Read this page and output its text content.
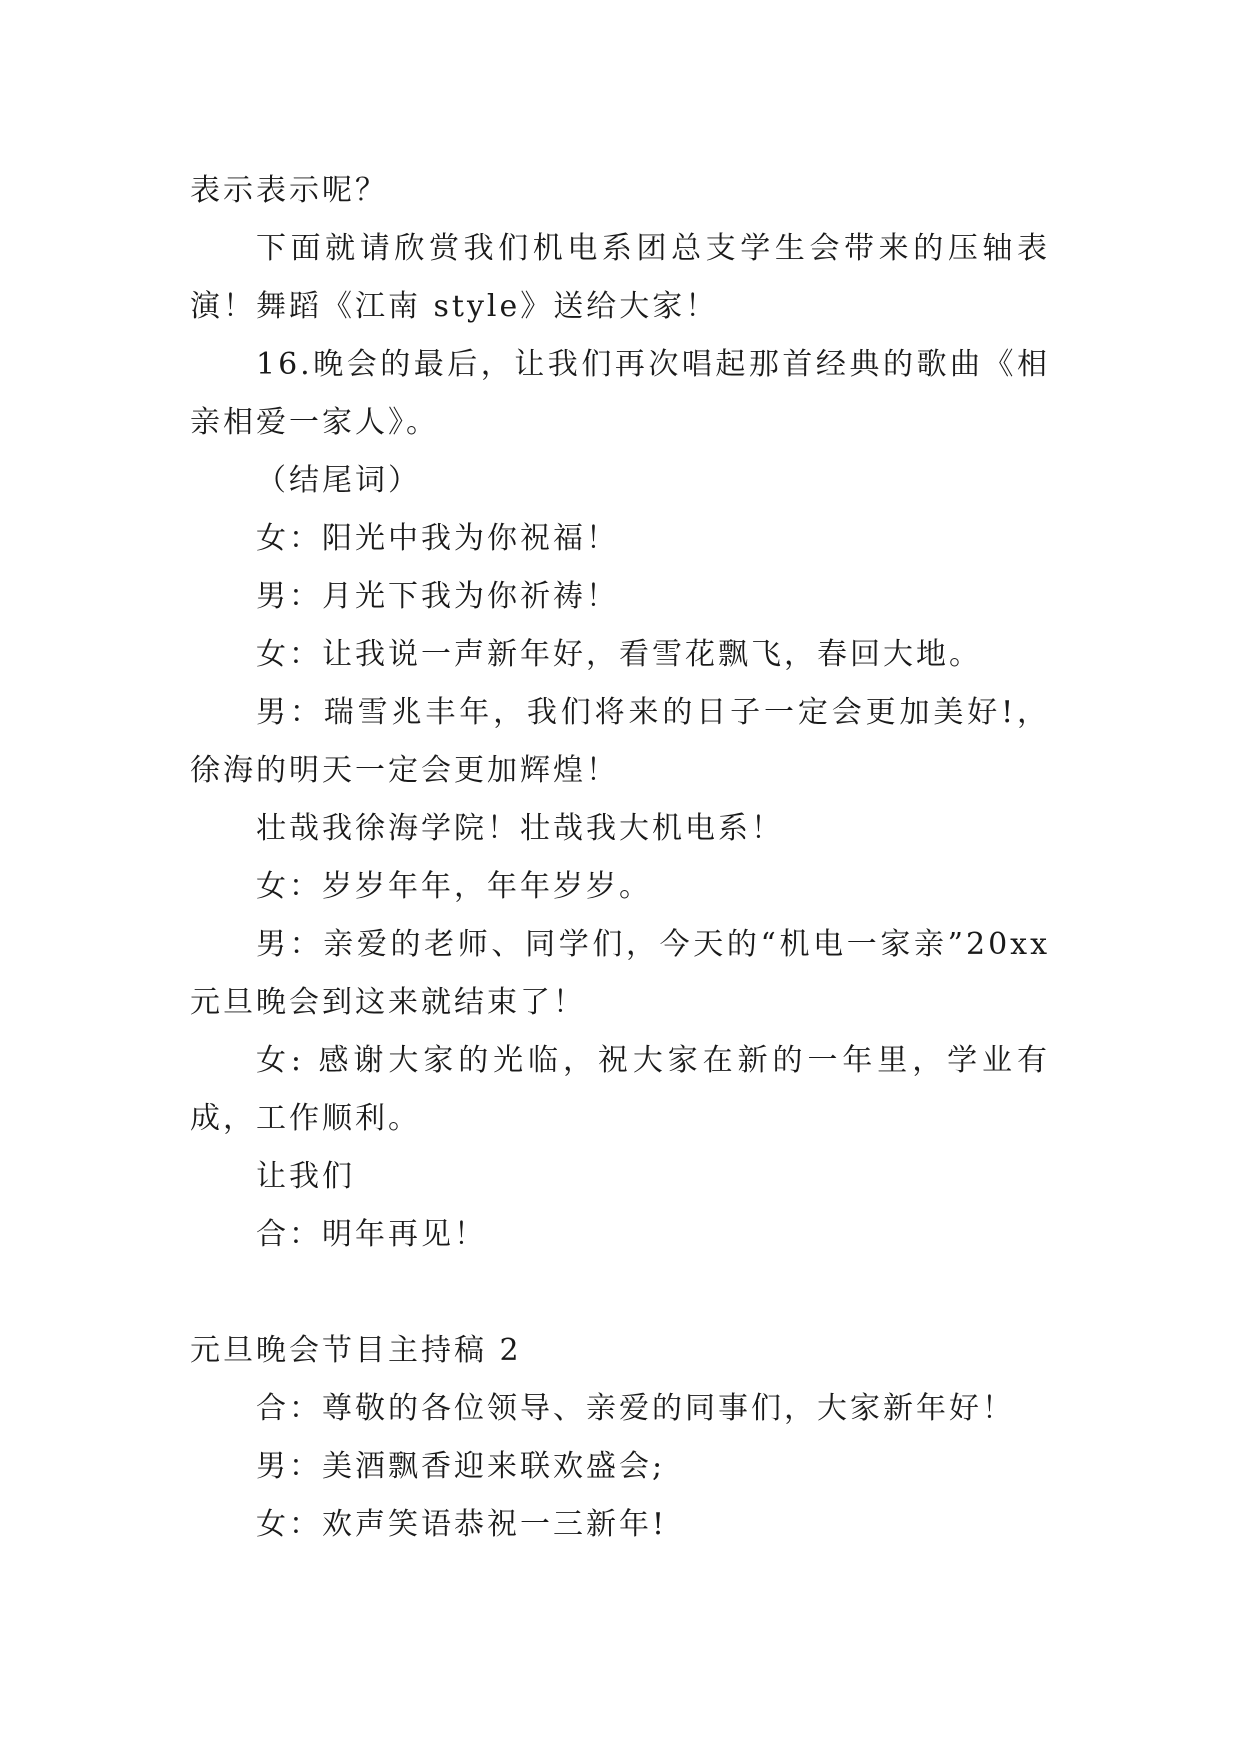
表示表示呢？

下面就请欣赏我们机电系团总支学生会带来的压轴表演！舞蹈《江南 style》送给大家！

16.晚会的最后，让我们再次唱起那首经典的歌曲《相亲相爱一家人》。

（结尾词）

女：阳光中我为你祝福！

男：月光下我为你祈祷！

女：让我说一声新年好，看雪花飘飞，春回大地。

男：瑞雪兆丰年，我们将来的日子一定会更加美好!，徐海的明天一定会更加辉煌！

壮哉我徐海学院！壮哉我大机电系！

女：岁岁年年，年年岁岁。

男：亲爱的老师、同学们，今天的“机电一家亲”20xx元旦晚会到这来就结束了！

女: 感谢大家的光临，祝大家在新的一年里，学业有成，工作顺利。

让我们

合：明年再见！

元旦晚会节目主持稿 2

合：尊敬的各位领导、亲爱的同事们，大家新年好！

男：美酒飘香迎来联欢盛会;

女：欢声笑语恭祝一三新年!
